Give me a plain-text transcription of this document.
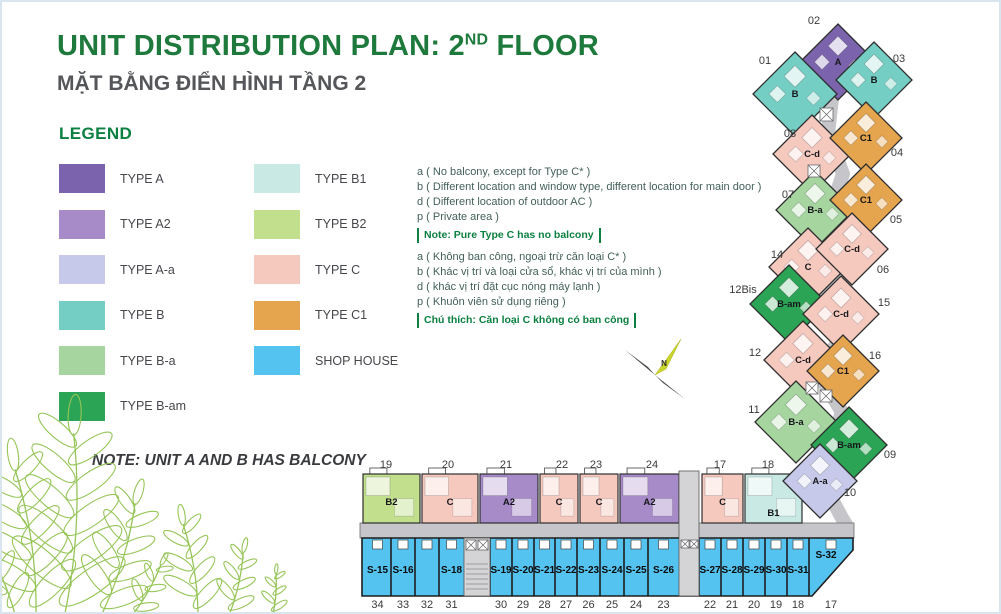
UNIT DISTRIBUTION PLAN: 2ND FLOOR
MẶT BẰNG ĐIỂN HÌNH TẦNG 2
LEGEND
TYPE A
TYPE A2
TYPE A-a
TYPE B
TYPE B-a
TYPE B-am
TYPE B1
TYPE B2
TYPE C
TYPE C1
SHOP HOUSE
a ( No balcony, except for Type C* )
b ( Different location and window type, different location for main door )
d ( Different location of outdoor AC )
p ( Private area )
Note: Pure Type C has no balcony
a ( Không ban công, ngoại trừ căn loại C* )
b ( Khác vị trí và loại cửa sổ, khác vị trí của mình )
d ( khác vị trí đặt cục nóng máy lạnh )
p ( Khuôn viên sử dụng riêng )
Chú thích: Căn loại C không có ban công
NOTE: UNIT A AND B HAS BALCONY
N
19
B2
20
C
21
A2
22
C
23
C
24
A2
17
C
18
B1
S-15
34
S-16
33 32
S-18
31
S-19
30
S-20
29
S-21
28
S-22
27
S-23
26
S-24
25
S-25
24
S-26
23
S-27
22
S-28
21
S-29
20
S-30
19
S-31
18
S-32
17
A
02
B
01
B
03
C-d
08	C1
04
B-a
07	C1
05
C
14	C-d
06
B-am
12Bis
C-d
15
C-d
12
C1
16
B-a
11
B-am
09
A-a
10
